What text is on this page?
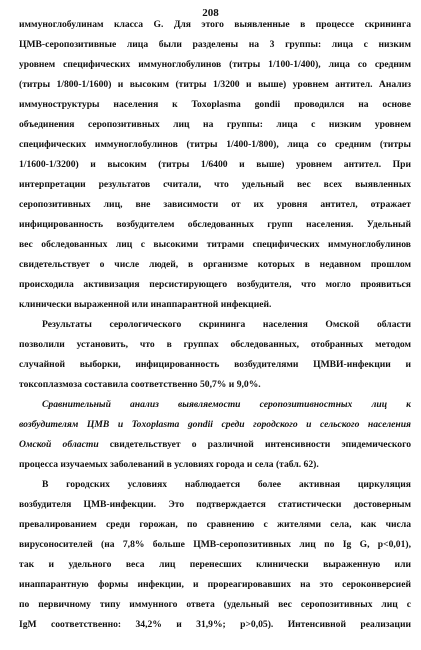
208
иммуноглобулинам класса G. Для этого выявленные в процессе скрининга
ЦМВ-серопозитивные лица были разделены на 3 группы: лица с низким
уровнем специфических иммуноглобулинов (титры 1/100-1/400), лица со средним
(титры 1/800-1/1600) и высоким (титры 1/3200 и выше) уровнем антител. Анализ
иммуноструктуры населения к Toxoplasma gondii проводился на основе
объединения серопозитивных лиц на группы: лица с низким уровнем
специфических иммуноглобулинов (титры 1/400-1/800), лица со средним (титры
1/1600-1/3200) и высоким (титры 1/6400 и выше) уровнем антител. При
интерпретации результатов считали, что удельный вес всех выявленных
серопозитивных лиц, вне зависимости от их уровня антител, отражает
инфицированность возбудителем обследованных групп населения. Удельный
вес обследованных лиц с высокими титрами специфических иммуноглобулинов
свидетельствует о числе людей, в организме которых в недавном прошлом
происходила активизация персистирующего возбудителя, что могло проявиться
клинически выраженной или инаппарантной инфекцией.
Результаты серологического скрининга населения Омской области
позволили установить, что в группах обследованных, отобранных методом
случайной выборки, инфицированность возбудителями ЦМВИ-инфекции и
токсоплазмоза составила соответственно 50,7% и 9,0%.
Сравнительный анализ выявляемости серопозитивностных лиц к
возбудителям ЦМВ и Toxoplasma gondii среди городского и сельского населения
Омской области свидетельствует о различной интенсивности эпидемического
процесса изучаемых заболеваний в условиях города и села (табл. 62).
В городских условиях наблюдается более активная циркуляция
возбудителя ЦМВ-инфекции. Это подтверждается статистически достоверным
превалированием среди горожан, по сравнению с жителями села, как числа
вирусоносителей (на 7,8% больше ЦМВ-серопозитивных лиц по Ig G, p<0,01),
так и удельного веса лиц перенесших клинически выраженную или
инаппарантную формы инфекции, и прореагировавших на это сероконверсией
по первичному типу иммунного ответа (удельный вес серопозитивных лиц с
IgM соответственно: 34,2% и 31,9%; p>0,05). Интенсивной реализации
